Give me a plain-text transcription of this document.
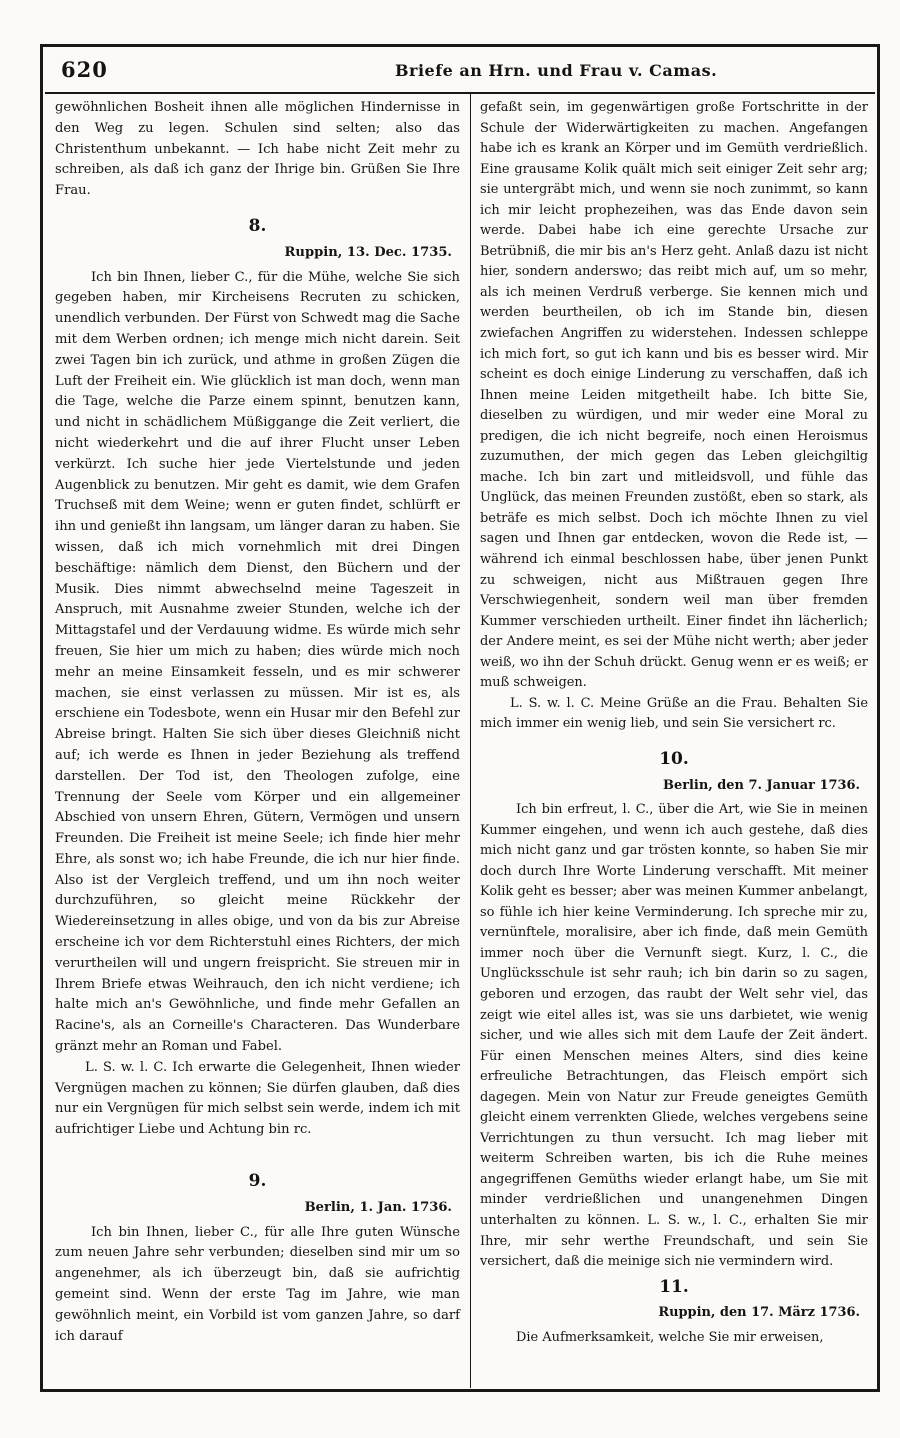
620	Briefe an Hrn. und Frau v. Camas.

gewöhnlichen Bosheit ihnen alle möglichen Hindernisse in den Weg zu legen. Schulen sind selten; also das Christenthum unbekannt. — Ich habe nicht Zeit mehr zu schreiben, als daß ich ganz der Ihrige bin. Grüßen Sie Ihre Frau.

8.
Ruppin, 13. Dec. 1735.

Ich bin Ihnen, lieber C., für die Mühe, welche Sie sich gegeben haben, mir Kircheisens Recruten zu schicken, unendlich verbunden. Der Fürst von Schwedt mag die Sache mit dem Werben ordnen; ich menge mich nicht darein. Seit zwei Tagen bin ich zurück, und athme in großen Zügen die Luft der Freiheit ein. Wie glücklich ist man doch, wenn man die Tage, welche die Parze einem spinnt, benutzen kann, und nicht in schädlichem Müßiggange die Zeit verliert, die nicht wiederkehrt und die auf ihrer Flucht unser Leben verkürzt. Ich suche hier jede Viertelstunde und jeden Augenblick zu benutzen. Mir geht es damit, wie dem Grafen Truchseß mit dem Weine; wenn er guten findet, schlürft er ihn und genießt ihn langsam, um länger daran zu haben. Sie wissen, daß ich mich vornehmlich mit drei Dingen beschäftige: nämlich dem Dienst, den Büchern und der Musik. Dies nimmt abwechselnd meine Tageszeit in Anspruch, mit Ausnahme zweier Stunden, welche ich der Mittagstafel und der Verdauung widme. Es würde mich sehr freuen, Sie hier um mich zu haben; dies würde mich noch mehr an meine Einsamkeit fesseln, und es mir schwerer machen, sie einst verlassen zu müssen. Mir ist es, als erschiene ein Todesbote, wenn ein Husar mir den Befehl zur Abreise bringt. Halten Sie sich über dieses Gleichniß nicht auf; ich werde es Ihnen in jeder Beziehung als treffend darstellen. Der Tod ist, den Theologen zufolge, eine Trennung der Seele vom Körper und ein allgemeiner Abschied von unsern Ehren, Gütern, Vermögen und unsern Freunden. Die Freiheit ist meine Seele; ich finde hier mehr Ehre, als sonst wo; ich habe Freunde, die ich nur hier finde. Also ist der Vergleich treffend, und um ihn noch weiter durchzuführen, so gleicht meine Rückkehr der Wiedereinsetzung in alles obige, und von da bis zur Abreise erscheine ich vor dem Richterstuhl eines Richters, der mich verurtheilen will und ungern freispricht. Sie streuen mir in Ihrem Briefe etwas Weihrauch, den ich nicht verdiene; ich halte mich an's Gewöhnliche, und finde mehr Gefallen an Racine's, als an Corneille's Characteren. Das Wunderbare gränzt mehr an Roman und Fabel.

L. S. w. l. C. Ich erwarte die Gelegenheit, Ihnen wieder Vergnügen machen zu können; Sie dürfen glauben, daß dies nur ein Vergnügen für mich selbst sein werde, indem ich mit aufrichtiger Liebe und Achtung bin rc.

9.
Berlin, 1. Jan. 1736.

Ich bin Ihnen, lieber C., für alle Ihre guten Wünsche zum neuen Jahre sehr verbunden; dieselben sind mir um so angenehmer, als ich überzeugt bin, daß sie aufrichtig gemeint sind. Wenn der erste Tag im Jahre, wie man gewöhnlich meint, ein Vorbild ist vom ganzen Jahre, so darf ich darauf

gefaßt sein, im gegenwärtigen große Fortschritte in der Schule der Widerwärtigkeiten zu machen. Angefangen habe ich es krank an Körper und im Gemüth verdrießlich. Eine grausame Kolik quält mich seit einiger Zeit sehr arg; sie untergräbt mich, und wenn sie noch zunimmt, so kann ich mir leicht prophezeihen, was das Ende davon sein werde. Dabei habe ich eine gerechte Ursache zur Betrübniß, die mir bis an's Herz geht. Anlaß dazu ist nicht hier, sondern anderswo; das reibt mich auf, um so mehr, als ich meinen Verdruß verberge. Sie kennen mich und werden beurtheilen, ob ich im Stande bin, diesen zwiefachen Angriffen zu widerstehen. Indessen schleppe ich mich fort, so gut ich kann und bis es besser wird. Mir scheint es doch einige Linderung zu verschaffen, daß ich Ihnen meine Leiden mitgetheilt habe. Ich bitte Sie, dieselben zu würdigen, und mir weder eine Moral zu predigen, die ich nicht begreife, noch einen Heroismus zuzumuthen, der mich gegen das Leben gleichgiltig mache. Ich bin zart und mitleidsvoll, und fühle das Unglück, das meinen Freunden zustößt, eben so stark, als beträfe es mich selbst. Doch ich möchte Ihnen zu viel sagen und Ihnen gar entdecken, wovon die Rede ist, — während ich einmal beschlossen habe, über jenen Punkt zu schweigen, nicht aus Mißtrauen gegen Ihre Verschwiegenheit, sondern weil man über fremden Kummer verschieden urtheilt. Einer findet ihn lächerlich; der Andere meint, es sei der Mühe nicht werth; aber jeder weiß, wo ihn der Schuh drückt. Genug wenn er es weiß; er muß schweigen.

L. S. w. l. C. Meine Grüße an die Frau. Behalten Sie mich immer ein wenig lieb, und sein Sie versichert rc.

10.
Berlin, den 7. Januar 1736.

Ich bin erfreut, l. C., über die Art, wie Sie in meinen Kummer eingehen, und wenn ich auch gestehe, daß dies mich nicht ganz und gar trösten konnte, so haben Sie mir doch durch Ihre Worte Linderung verschafft. Mit meiner Kolik geht es besser; aber was meinen Kummer anbelangt, so fühle ich hier keine Verminderung. Ich spreche mir zu, vernünftele, moralisire, aber ich finde, daß mein Gemüth immer noch über die Vernunft siegt. Kurz, l. C., die Unglücksschule ist sehr rauh; ich bin darin so zu sagen, geboren und erzogen, das raubt der Welt sehr viel, das zeigt wie eitel alles ist, was sie uns darbietet, wie wenig sicher, und wie alles sich mit dem Laufe der Zeit ändert. Für einen Menschen meines Alters, sind dies keine erfreuliche Betrachtungen, das Fleisch empört sich dagegen. Mein von Natur zur Freude geneigtes Gemüth gleicht einem verrenkten Gliede, welches vergebens seine Verrichtungen zu thun versucht. Ich mag lieber mit weiterm Schreiben warten, bis ich die Ruhe meines angegriffenen Gemüths wieder erlangt habe, um Sie mit minder verdrießlichen und unangenehmen Dingen unterhalten zu können. L. S. w., l. C., erhalten Sie mir Ihre, mir sehr werthe Freundschaft, und sein Sie versichert, daß die meinige sich nie vermindern wird.

11.
Ruppin, den 17. März 1736.

Die Aufmerksamkeit, welche Sie mir erweisen,
